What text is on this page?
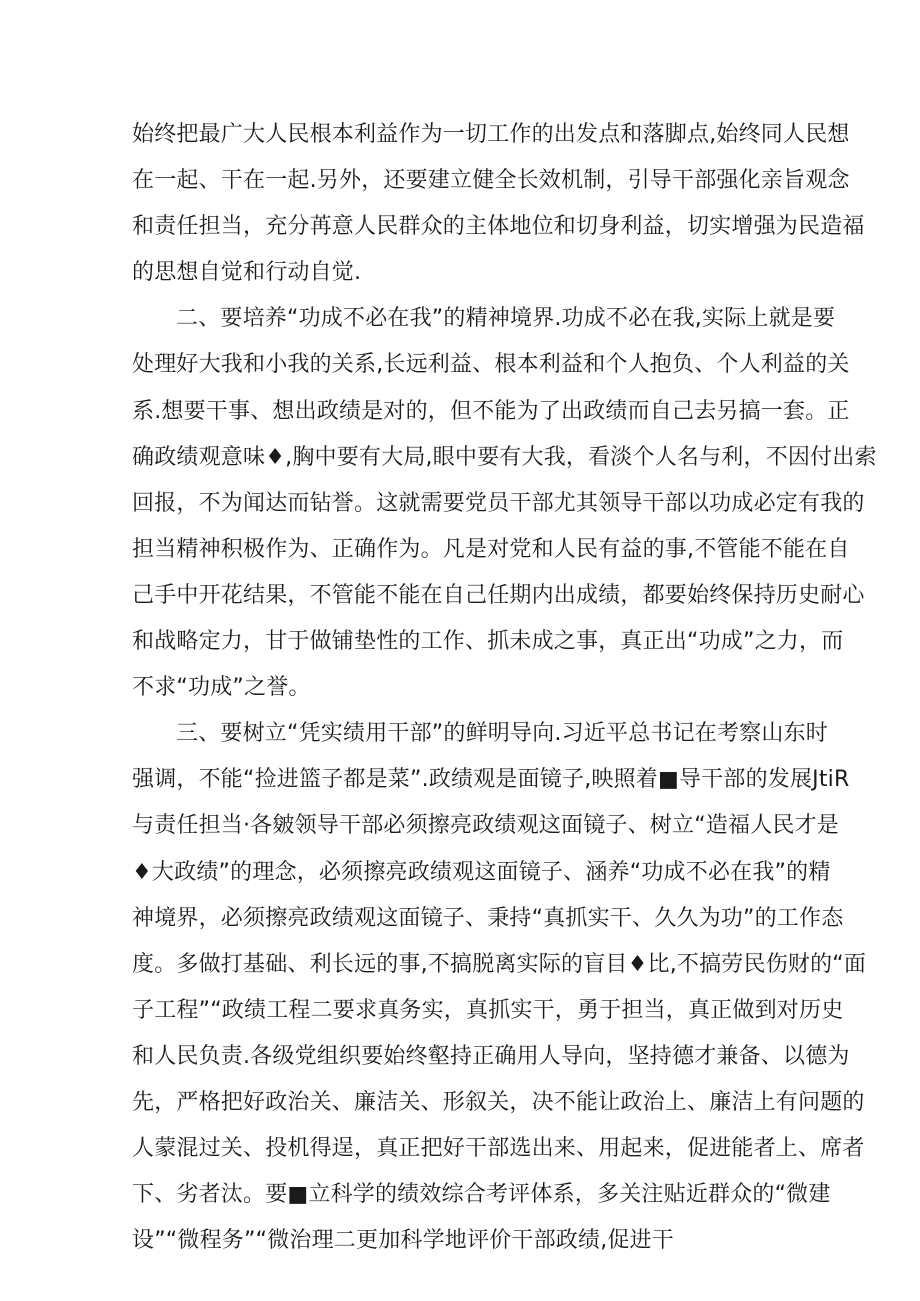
始终把最广大人民根本利益作为一切工作的出发点和落脚点,始终同人民想
在一起、干在一起.另外，还要建立健全长效机制，引导干部强化亲旨观念
和责任担当，充分苒意人民群众的主体地位和切身利益，切实增强为民造福
的思想自觉和行动自觉.
二、要培养“功成不必在我”的精神境界.功成不必在我,实际上就是要
处理好大我和小我的关系,长远利益、根本利益和个人抱负、个人利益的关
系.想要干事、想出政绩是对的，但不能为了出政绩而自己去另搞一套。正
确政绩观意味♦,胸中要有大局,眼中要有大我，看淡个人名与利，不因付出索
回报，不为闻达而钻誉。这就需要党员干部尤其领导干部以功成必定有我的
担当精神积极作为、正确作为。凡是对党和人民有益的事,不管能不能在自
己手中开花结果，不管能不能在自己任期内出成绩，都要始终保持历史耐心
和战略定力，甘于做铺垫性的工作、抓未成之事，真正出“功成”之力，而
不求“功成”之誉。
三、要树立“凭实绩用干部”的鲜明导向.习近平总书记在考察山东时
强调，不能“捡进篮子都是菜”.政绩观是面镜子,映照着■导干部的发展JtiR
与责任担当·各皴领导干部必须擦亮政绩观这面镜子、树立“造福人民才是
♦大政绩”的理念，必须擦亮政绩观这面镜子、涵养“功成不必在我”的精
神境界，必须擦亮政绩观这面镜子、秉持“真抓实干、久久为功”的工作态
度。多做打基础、利长远的事,不搞脱离实际的盲目♦比,不搞劳民伤财的“面
子工程”“政绩工程二要求真务实，真抓实干，勇于担当，真正做到对历史
和人民负责.各级党组织要始终壑持正确用人导向，坚持德才兼备、以德为
先，严格把好政治关、廉洁关、形叙关，决不能让政治上、廉洁上有问题的
人蒙混过关、投机得逞，真正把好干部选出来、用起来，促进能者上、席者
下、劣者汰。要■立科学的绩效综合考评体系，多关注贴近群众的“微建
设”“微程务”“微治理二更加科学地评价干部政绩,促进干
